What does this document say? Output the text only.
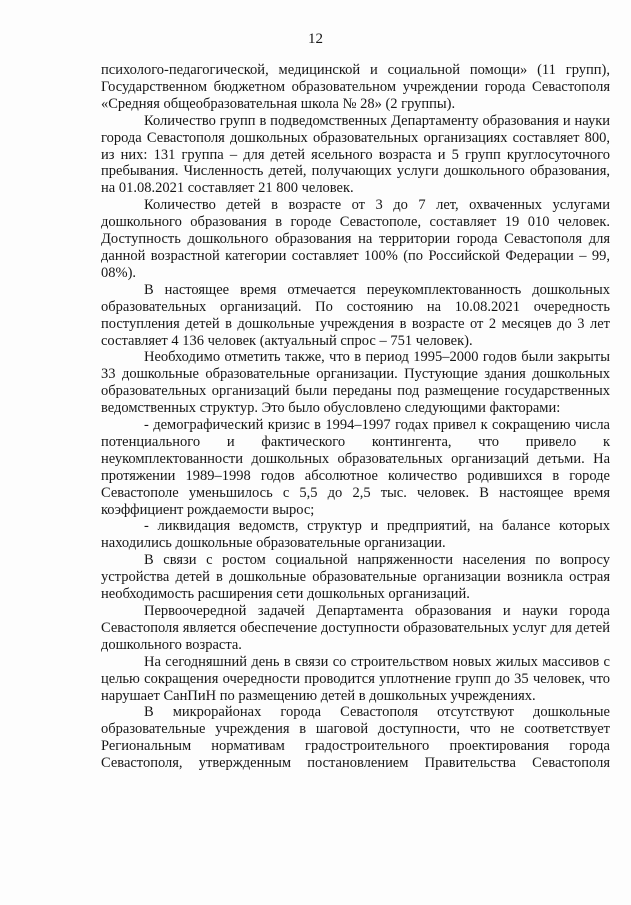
12

психолого-педагогической, медицинской и социальной помощи» (11 групп), Государственном бюджетном образовательном учреждении города Севастополя «Средняя общеобразовательная школа № 28» (2 группы).

Количество групп в подведомственных Департаменту образования и науки города Севастополя дошкольных образовательных организациях составляет 800, из них: 131 группа – для детей ясельного возраста и 5 групп круглосуточного пребывания. Численность детей, получающих услуги дошкольного образования, на 01.08.2021 составляет 21 800 человек.

Количество детей в возрасте от 3 до 7 лет, охваченных услугами дошкольного образования в городе Севастополе, составляет 19 010 человек. Доступность дошкольного образования на территории города Севастополя для данной возрастной категории составляет 100% (по Российской Федерации – 99, 08%).

В настоящее время отмечается переукомплектованность дошкольных образовательных организаций. По состоянию на 10.08.2021 очередность поступления детей в дошкольные учреждения в возрасте от 2 месяцев до 3 лет составляет 4 136 человек (актуальный спрос – 751 человек).

Необходимо отметить также, что в период 1995–2000 годов были закрыты 33 дошкольные образовательные организации. Пустующие здания дошкольных образовательных организаций были переданы под размещение государственных ведомственных структур. Это было обусловлено следующими факторами:

- демографический кризис в 1994–1997 годах привел к сокращению числа потенциального и фактического контингента, что привело к неукомплектованности дошкольных образовательных организаций детьми. На протяжении 1989–1998 годов абсолютное количество родившихся в городе Севастополе уменьшилось с 5,5 до 2,5 тыс. человек. В настоящее время коэффициент рождаемости вырос;

- ликвидация ведомств, структур и предприятий, на балансе которых находились дошкольные образовательные организации.

В связи с ростом социальной напряженности населения по вопросу устройства детей в дошкольные образовательные организации возникла острая необходимость расширения сети дошкольных организаций.

Первоочередной задачей Департамента образования и науки города Севастополя является обеспечение доступности образовательных услуг для детей дошкольного возраста.

На сегодняшний день в связи со строительством новых жилых массивов с целью сокращения очередности проводится уплотнение групп до 35 человек, что нарушает СанПиН по размещению детей в дошкольных учреждениях.

В микрорайонах города Севастополя отсутствуют дошкольные образовательные учреждения в шаговой доступности, что не соответствует Региональным нормативам градостроительного проектирования города Севастополя, утвержденным постановлением Правительства Севастополя
